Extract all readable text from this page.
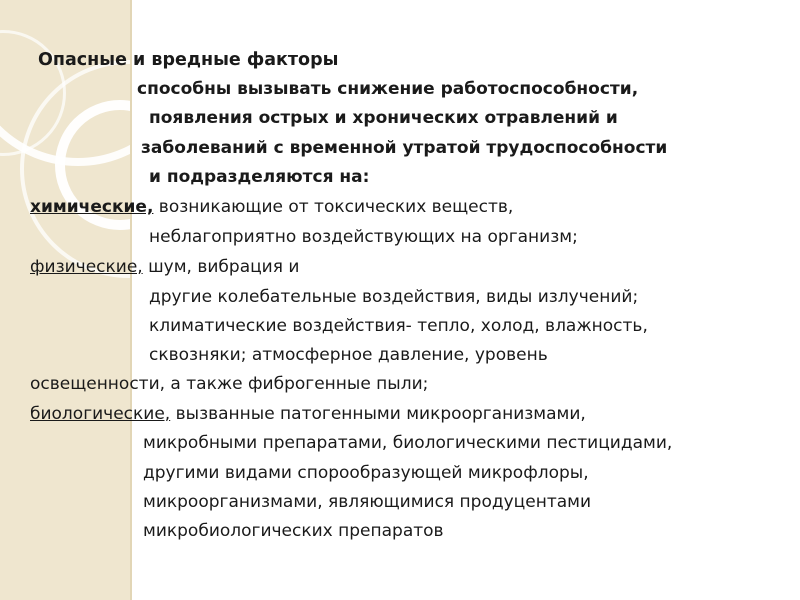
Опасные и вредные факторы
способны вызывать снижение работоспособности,
появления острых и хронических отравлений и
заболеваний с временной утратой трудоспособности
и подразделяются на:
химические, возникающие от токсических веществ,
неблагоприятно воздействующих на организм;
физические, шум, вибрация и
другие колебательные воздействия, виды излучений;
климатические воздействия- тепло, холод, влажность,
сквозняки; атмосферное давление, уровень
освещенности, а также фиброгенные пыли;
биологические, вызванные патогенными микроорганизмами,
микробными препаратами, биологическими пестицидами,
другими видами спорообразующей микрофлоры,
микроорганизмами, являющимися продуцентами
микробиологических препаратов
